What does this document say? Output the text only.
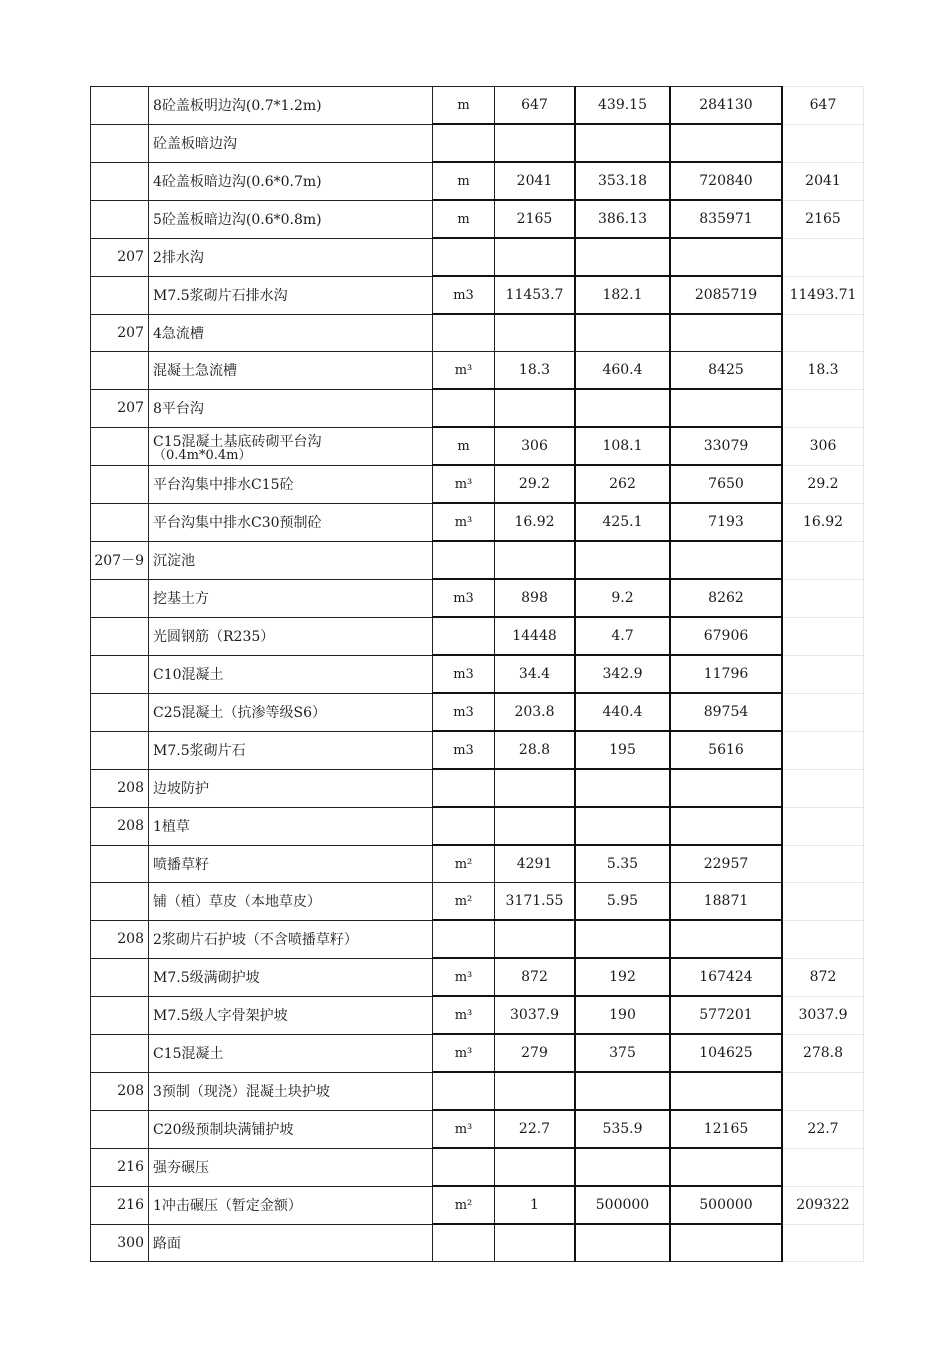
	8砼盖板明边沟(0.7*1.2m)	m	647	439.15	284130	647
	砼盖板暗边沟					
	4砼盖板暗边沟(0.6*0.7m)	m	2041	353.18	720840	2041
	5砼盖板暗边沟(0.6*0.8m)	m	2165	386.13	835971	2165
207	2排水沟					
	M7.5浆砌片石排水沟	m3	11453.7	182.1	2085719	11493.71
207	4急流槽					
	混凝土急流槽	m³	18.3	460.4	8425	18.3
207	8平台沟					

	C15混凝土基底砖砌平台沟
（0.4m*0.4m）	m	306	108.1	33079	306
	平台沟集中排水C15砼	m³	29.2	262	7650	29.2
	平台沟集中排水C30预制砼	m³	16.92	425.1	7193	16.92
207－9	沉淀池					
	挖基土方	m3	898	9.2	8262	
	光圆钢筋（R235）		14448	4.7	67906	
	C10混凝土	m3	34.4	342.9	11796	
	C25混凝土（抗渗等级S6）	m3	203.8	440.4	89754	
	M7.5浆砌片石	m3	28.8	195	5616	
208	边坡防护					
208	1植草					
	喷播草籽	m²	4291	5.35	22957	
	铺（植）草皮（本地草皮）	m²	3171.55	5.95	18871	
208	2浆砌片石护坡（不含喷播草籽）					
	M7.5级满砌护坡	m³	872	192	167424	872
	M7.5级人字骨架护坡	m³	3037.9	190	577201	3037.9
	C15混凝土	m³	279	375	104625	278.8
208	3预制（现浇）混凝土块护坡					
	C20级预制块满铺护坡	m³	22.7	535.9	12165	22.7
216	强夯碾压					
216	1冲击碾压（暂定金额）	m²	1	500000	500000	209322
300	路面					
